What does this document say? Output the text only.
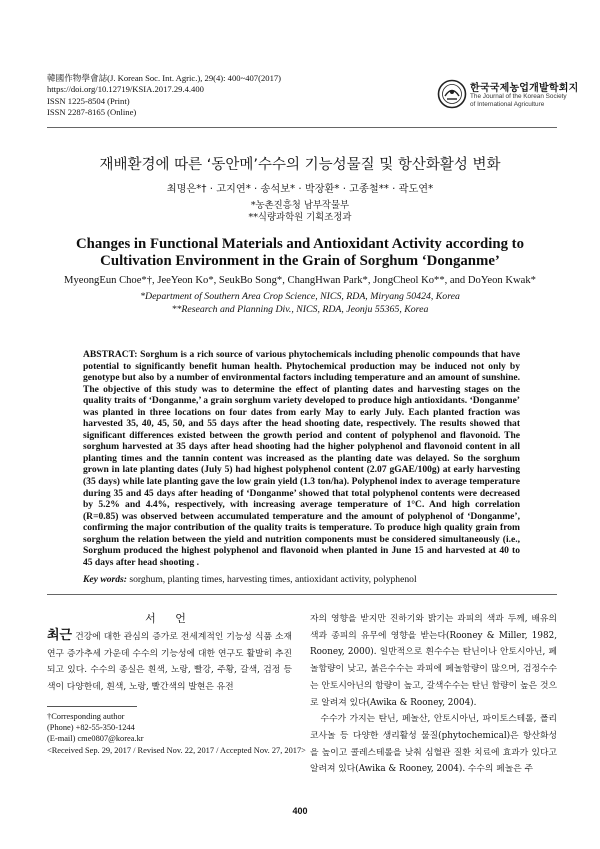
韓國作物學會誌(J. Korean Soc. Int. Agric.), 29(4): 400~407(2017)
https://doi.org/10.12719/KSIA.2017.29.4.400
ISSN 1225-8504 (Print)
ISSN 2287-8165 (Online)
한국국제농업개발학회지
The Journal of the Korean Society
of International Agriculture
재배환경에 따른 ‘동안메’수수의 기능성물질 및 항산화활성 변화
최명은*† · 고지연* · 송석보* · 박장환* · 고종철** · 곽도연*
*농촌진흥청 남부작물부
**식량과학원 기획조정과
Changes in Functional Materials and Antioxidant Activity according to
Cultivation Environment in the Grain of Sorghum ‘Donganme’
MyeongEun Choe*†, JeeYeon Ko*, SeukBo Song*, ChangHwan Park*, JongCheol Ko**, and DoYeon Kwak*
*Department of Southern Area Crop Science, NICS, RDA, Miryang 50424, Korea
**Research and Planning Div., NICS, RDA, Jeonju 55365, Korea
ABSTRACT: Sorghum is a rich source of various phytochemicals including phenolic compounds that have potential to significantly benefit human health. Phytochemical production may be induced not only by genotype but also by a number of environmental factors including temperature and an amount of sunshine. The objective of this study was to determine the effect of planting dates and harvesting stages on the quality traits of ‘Donganme,’ a grain sorghum variety developed to produce high antioxidants. ‘Donganme’ was planted in three locations on four dates from early May to early July. Each planted fraction was harvested 35, 40, 45, 50, and 55 days after the head shooting date, respectively. The results showed that significant differences existed between the growth period and content of polyphenol and flavonoid. The sorghum harvested at 35 days after head shooting had the higher polyphenol and flavonoid content in all planting times and the tannin content was increased as the planting date was delayed. So the sorghum grown in late planting dates (July 5) had highest polyphenol content (2.07 gGAE/100g) at early harvesting (35 days) while late planting gave the low grain yield (1.3 ton/ha). Polyphenol index to average temperature during 35 and 45 days after heading of ‘Donganme’ showed that total polyphenol contents were decreased by 5.2% and 4.4%, respectively, with increasing average temperature of 1°C. And high correlation (R=0.85) was observed between accumulated temperature and the amount of polyphenol of ‘Donganme’, confirming the major contribution of the quality traits is temperature. To produce high quality grain from sorghum the relation between the yield and nutrition components must be considered simultaneously (i.e., Sorghum produced the highest polyphenol and flavonoid when planted in June 15 and harvested at 40 to 45 days after head shooting .
Key words: sorghum, planting times, harvesting times, antioxidant activity, polyphenol
서 언
최근 건강에 대한 관심의 증가로 전세계적인 기능성 식품 소재 연구 증가추세 가운데 수수의 기능성에 대한 연구도 활발히 추진되고 있다. 수수의 종실은 흰색, 노랑, 빨강, 주황, 갈색, 검정 등 색이 다양한데, 흰색, 노랑, 빨간색의 발현은 유전
자의 영향을 받지만 진하기와 밝기는 과피의 색과 두께, 배유의 색과 종피의 유무에 영향을 받는다(Rooney & Miller, 1982, Rooney, 2000). 일반적으로 흰수수는 탄닌이나 안토시아닌, 페놀함량이 낮고, 붉은수수는 과피에 페놀함량이 많으며, 검정수수는 안토시아닌의 함량이 높고, 갈색수수는 탄닌 함량이 높은 것으로 알려져 있다(Awika & Rooney, 2004).
수수가 가지는 탄닌, 페놀산, 안토시아닌, 파이토스테롤, 폴리코사놀 등 다양한 생리활성 물질(phytochemical)은 항산화성을 높이고 콜레스테롤을 낮춰 심혈관 질환 치료에 효과가 있다고 알려져 있다(Awika & Rooney, 2004). 수수의 페놀은 주
†Corresponding author
(Phone) +82-55-350-1244
(E-mail) cme0807@korea.kr
<Received Sep. 29, 2017 / Revised Nov. 22, 2017 / Accepted Nov. 27, 2017>
400
